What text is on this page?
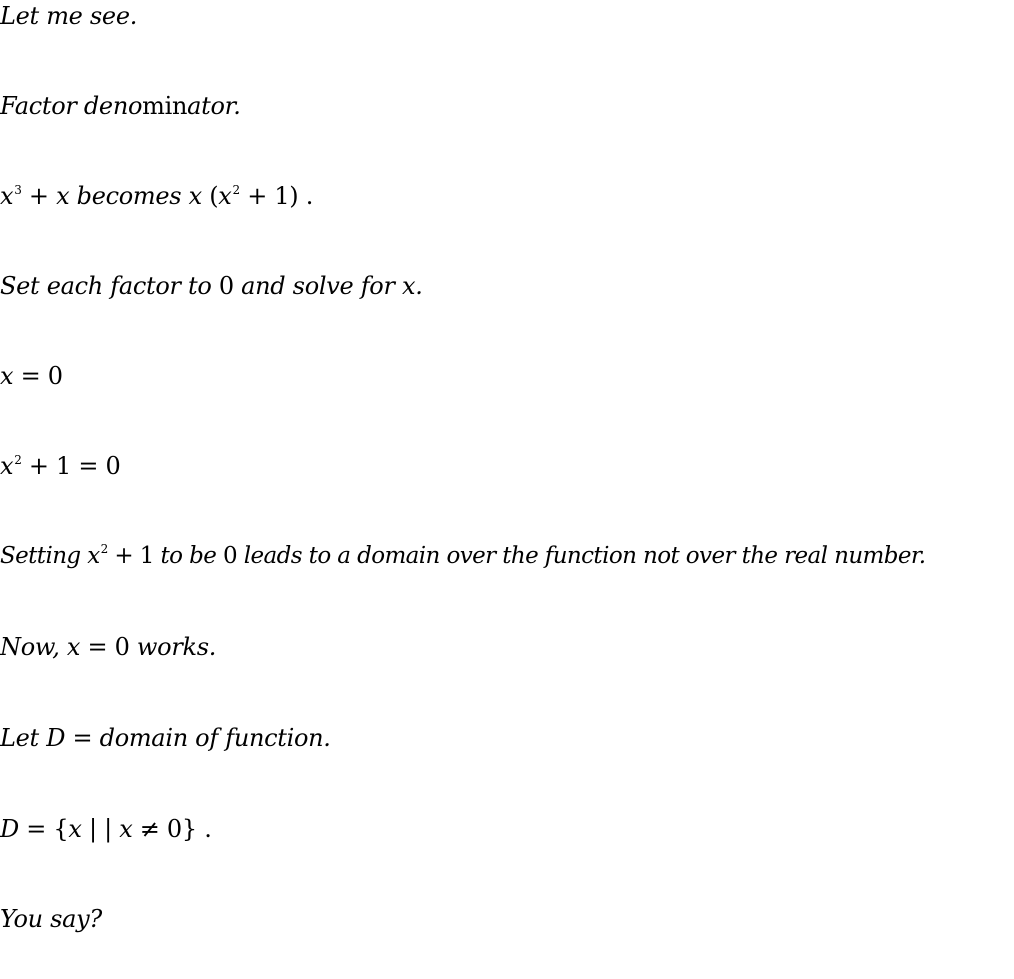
Let me see.
Factor denominator.
$x^3 + x$ becomes x $(x^2 + 1)$ .
Set each factor to 0 and solve for x.
x = 0
$x^2 + 1 = 0$
Setting $x^2 + 1$ to be 0 leads to a domain over the function not over the real number.
Now, x = 0 works.
Let D = domain of function.
D = {x | | x ≠ 0} .
You say?
